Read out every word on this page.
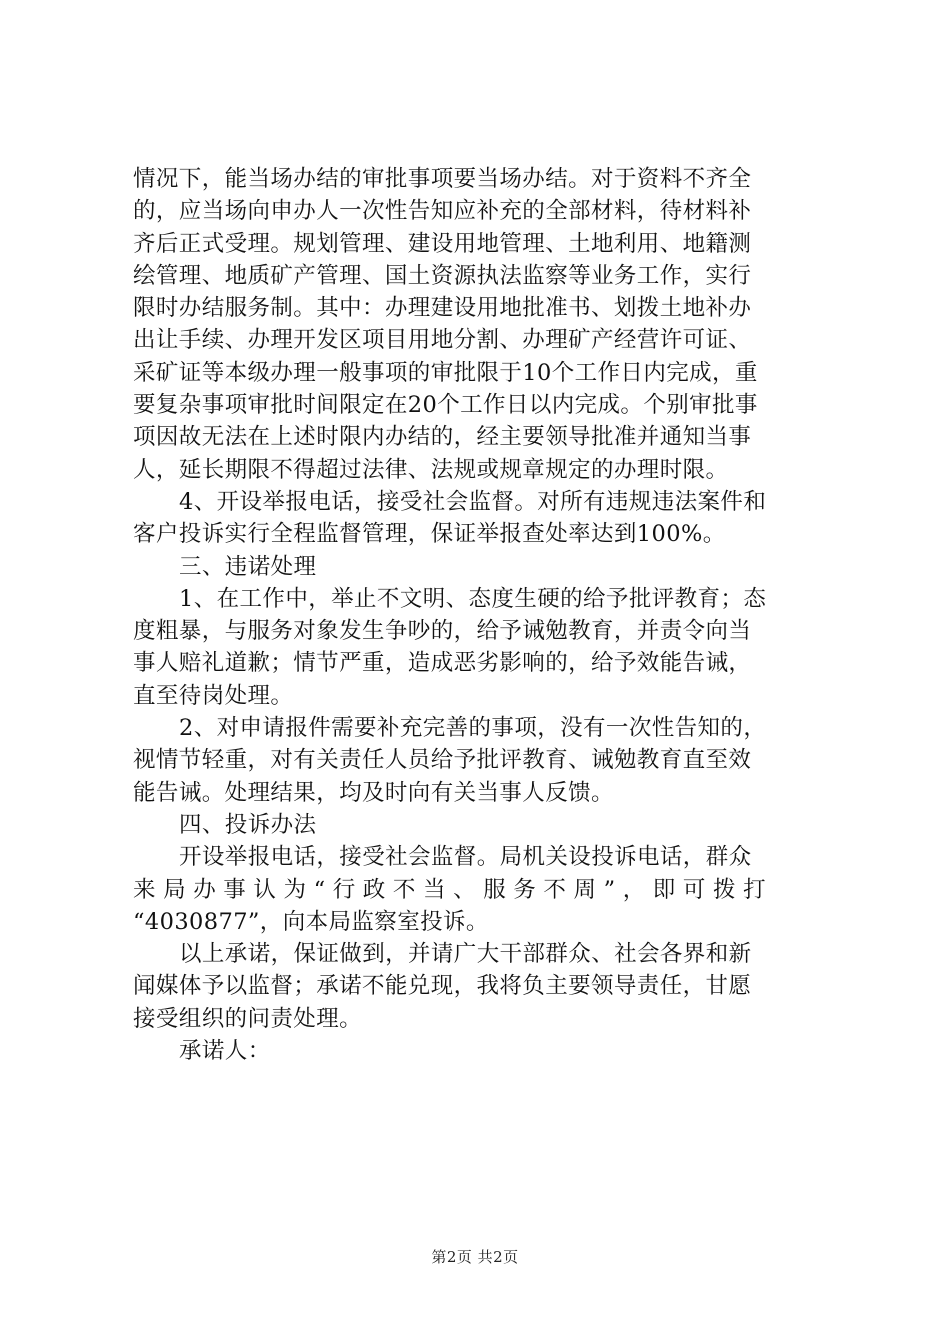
情况下，能当场办结的审批事项要当场办结。对于资料不齐全
的，应当场向申办人一次性告知应补充的全部材料，待材料补
齐后正式受理。规划管理、建设用地管理、土地利用、地籍测
绘管理、地质矿产管理、国土资源执法监察等业务工作，实行
限时办结服务制。其中：办理建设用地批准书、划拨土地补办
出让手续、办理开发区项目用地分割、办理矿产经营许可证、
采矿证等本级办理一般事项的审批限于10个工作日内完成，重
要复杂事项审批时间限定在20个工作日以内完成。个别审批事
项因故无法在上述时限内办结的，经主要领导批准并通知当事
人，延长期限不得超过法律、法规或规章规定的办理时限。

4、开设举报电话，接受社会监督。对所有违规违法案件和
客户投诉实行全程监督管理，保证举报查处率达到100%。

三、违诺处理

1、在工作中，举止不文明、态度生硬的给予批评教育；态
度粗暴，与服务对象发生争吵的，给予诫勉教育，并责令向当
事人赔礼道歉；情节严重，造成恶劣影响的，给予效能告诫，
直至待岗处理。

2、对申请报件需要补充完善的事项，没有一次性告知的，
视情节轻重，对有关责任人员给予批评教育、诫勉教育直至效
能告诫。处理结果，均及时向有关当事人反馈。

四、投诉办法

开设举报电话，接受社会监督。局机关设投诉电话，群众
来局办事认为“行政不当、服务不周”，即可拨打
“4030877”，向本局监察室投诉。

以上承诺，保证做到，并请广大干部群众、社会各界和新
闻媒体予以监督；承诺不能兑现，我将负主要领导责任，甘愿
接受组织的问责处理。

承诺人：

第2页 共2页
